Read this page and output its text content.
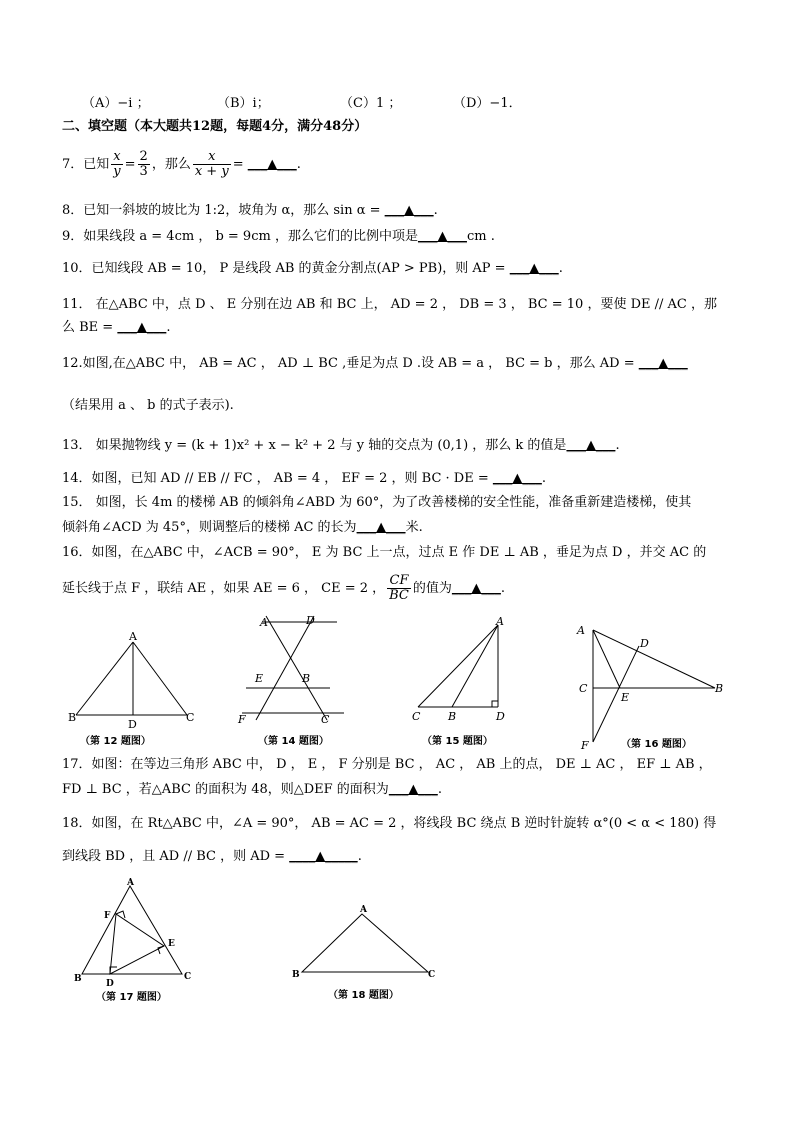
（A）−i ；	（B）i；	（C）1 ；	（D）−1．
二、填空题（本大题共12题，每题4分，满分48分）
7．已知 $\frac{x}{y} = \frac{2}{3}$ ，那么 $\frac{x}{x + y}$ = ___▲___.
8．已知一斜坡的坡比为 1:2，坡角为 α，那么 sin α = ___▲___.
9．如果线段 a = 4cm ， b = 9cm ，那么它们的比例中项是___▲___cm .
10．已知线段 AB = 10， P 是线段 AB 的黄金分割点(AP > PB)，则 AP = ___▲___.
11． 在△ABC 中，点 D 、 E 分别在边 AB 和 BC 上， AD = 2 ， DB = 3 ， BC = 10 ，要使 DE // AC ，那
么 BE = ___▲___.
12.如图,在△ABC 中， AB = AC ， AD ⊥ BC ,垂足为点 D .设 AB = a ， BC = b ，那么 AD = ___▲___
（结果用 a 、 b 的式子表示).
13． 如果抛物线 y = (k + 1)x² + x − k² + 2 与 y 轴的交点为 (0,1) ，那么 k 的值是___▲___.
14．如图，已知 AD // EB // FC ， AB = 4 ， EF = 2 ，则 BC · DE = ___▲___.
15． 如图，长 4m 的楼梯 AB 的倾斜角∠ABD 为 60°，为了改善楼梯的安全性能，准备重新建造楼梯，使其
倾斜角∠ACD 为 45°，则调整后的楼梯 AC 的长为___▲___米.
16．如图，在△ABC 中，∠ACB = 90°， E 为 BC 上一点，过点 E 作 DE ⊥ AB ，垂足为点 D ，并交 AC 的
延长线于点 F ，联结 AE ，如果 AE = 6 ， CE = 2 ， $\frac{CF}{BC}$ 的值为___▲___.
A
B
D
C
（第 12 题图）
A	D
E	B
F	C
（第 14 题图）
A
C	B	D
（第 15 题图）
A
D
C
E
B
F	（第 16 题图）
17．如图：在等边三角形 ABC 中， D ， E ， F 分别是 BC ， AC ， AB 上的点， DE ⊥ AC ， EF ⊥ AB ，
FD ⊥ BC ，若△ABC 的面积为 48，则△DEF 的面积为___▲___.
18．如图，在 Rt△ABC 中，∠A = 90°， AB = AC = 2 ，将线段 BC 绕点 B 逆时针旋转 α°(0 < α < 180) 得
到线段 BD ，且 AD // BC ，则 AD = ____▲_____.
A
F
E
B	D
C
（第 17 题图）
A
B	C
（第 18 题图）
